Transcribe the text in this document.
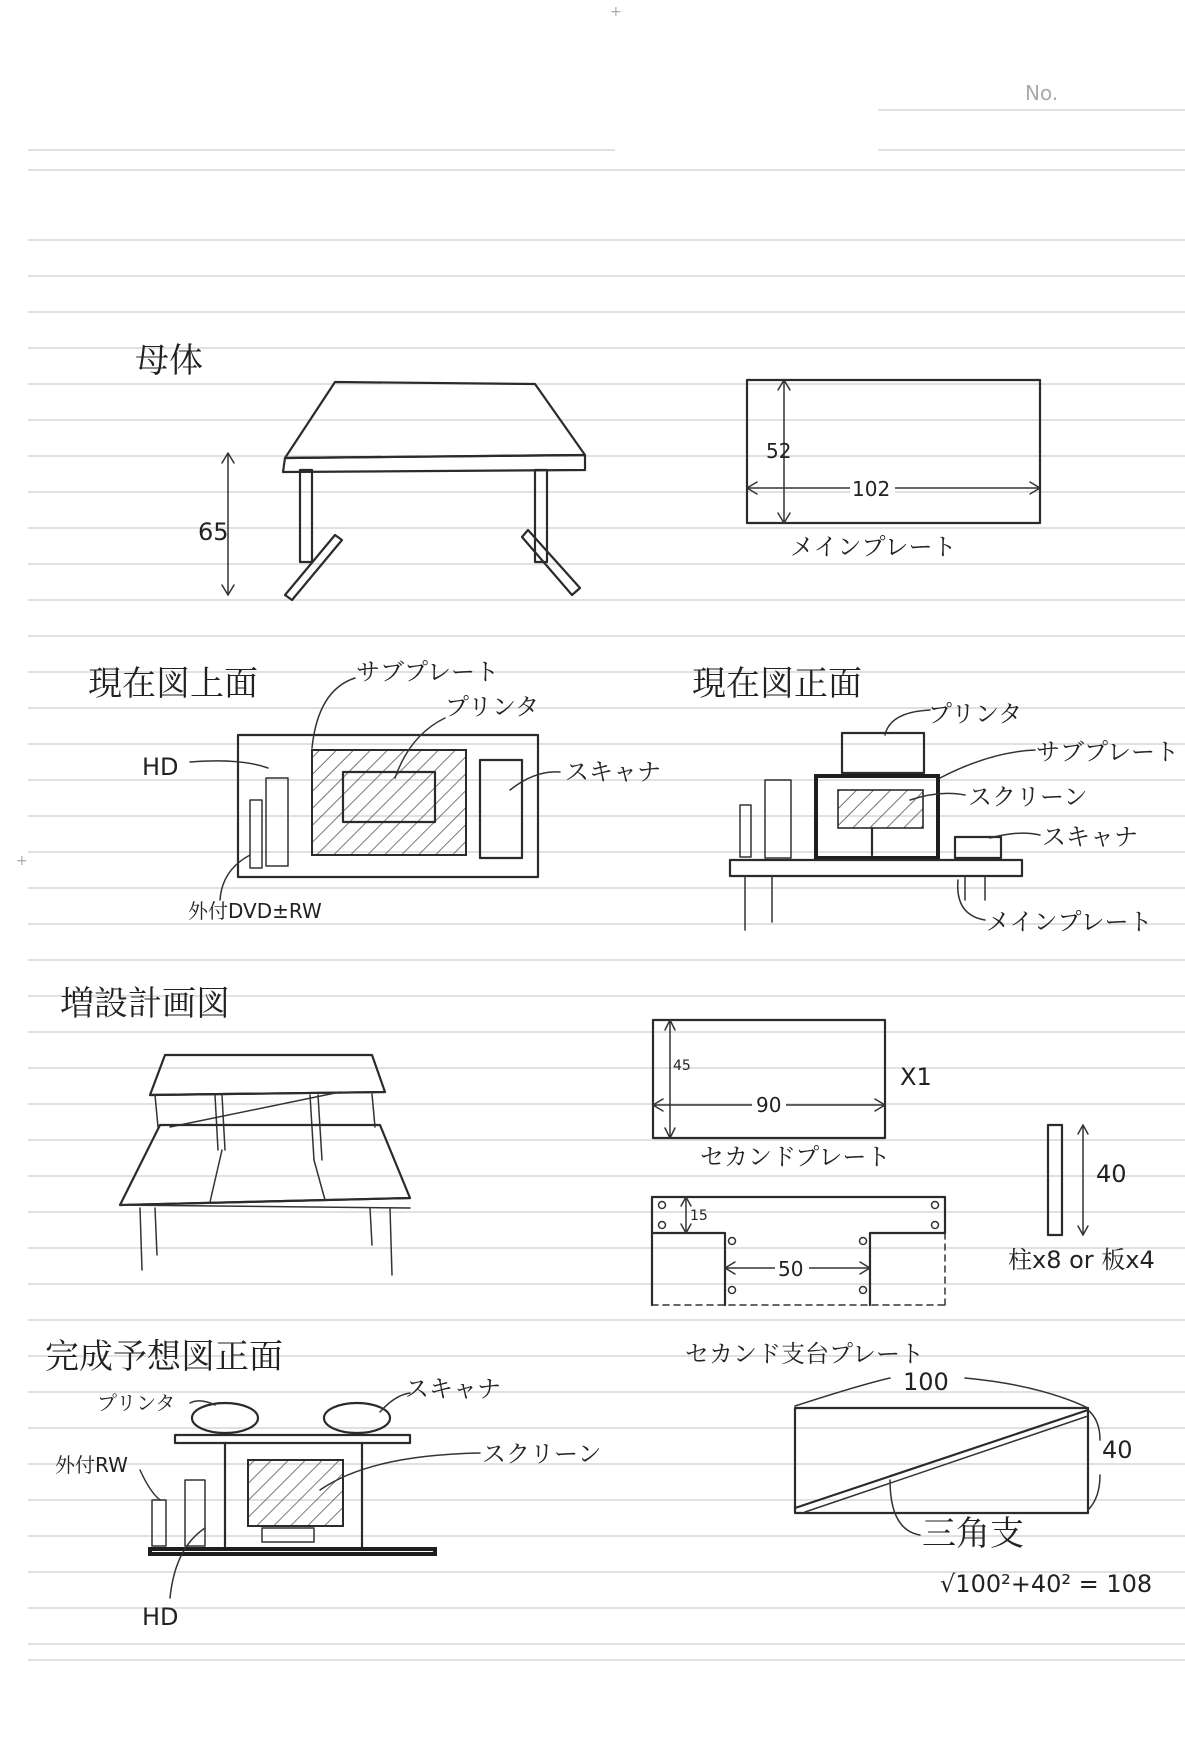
+
+
No.
母体
65
52
102
メインプレート
現在図上面
HD
サブプレート
プリンタ
スキャナ
外付DVD±RW
現在図正面
プリンタ
サブプレート
スクリーン
スキャナ
メインプレート
増設計画図
45
90
X1
セカンドプレート
15
50
セカンド支台プレート
40
柱x8 or 板x4
完成予想図正面
プリンタ	スキャナ
外付RW	スクリーン
HD
100
40
三角支
√100²+40² = 108
